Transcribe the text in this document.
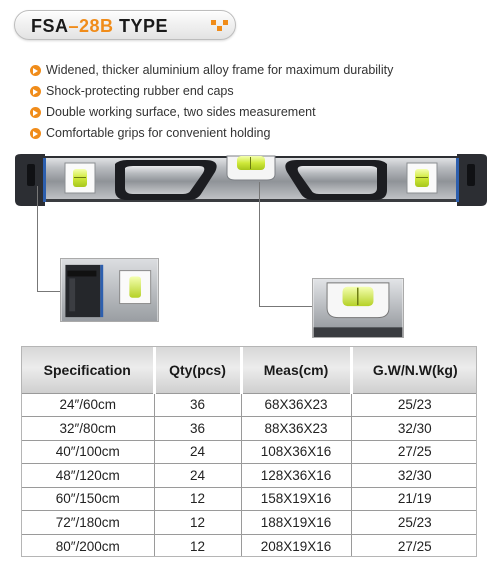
FSA–28B TYPE
Widened, thicker aluminium alloy frame for maximum durability
Shock-protecting rubber end caps
Double working surface, two sides measurement
Comfortable grips for convenient holding
Specification	Qty(pcs)	Meas(cm)	G.W/N.W(kg)
24″/60cm	36	68X36X23	25/23
32″/80cm	36	88X36X23	32/30
40″/100cm	24	108X36X16	27/25
48″/120cm	24	128X36X16	32/30
60″/150cm	12	158X19X16	21/19
72″/180cm	12	188X19X16	25/23
80″/200cm	12	208X19X16	27/25
